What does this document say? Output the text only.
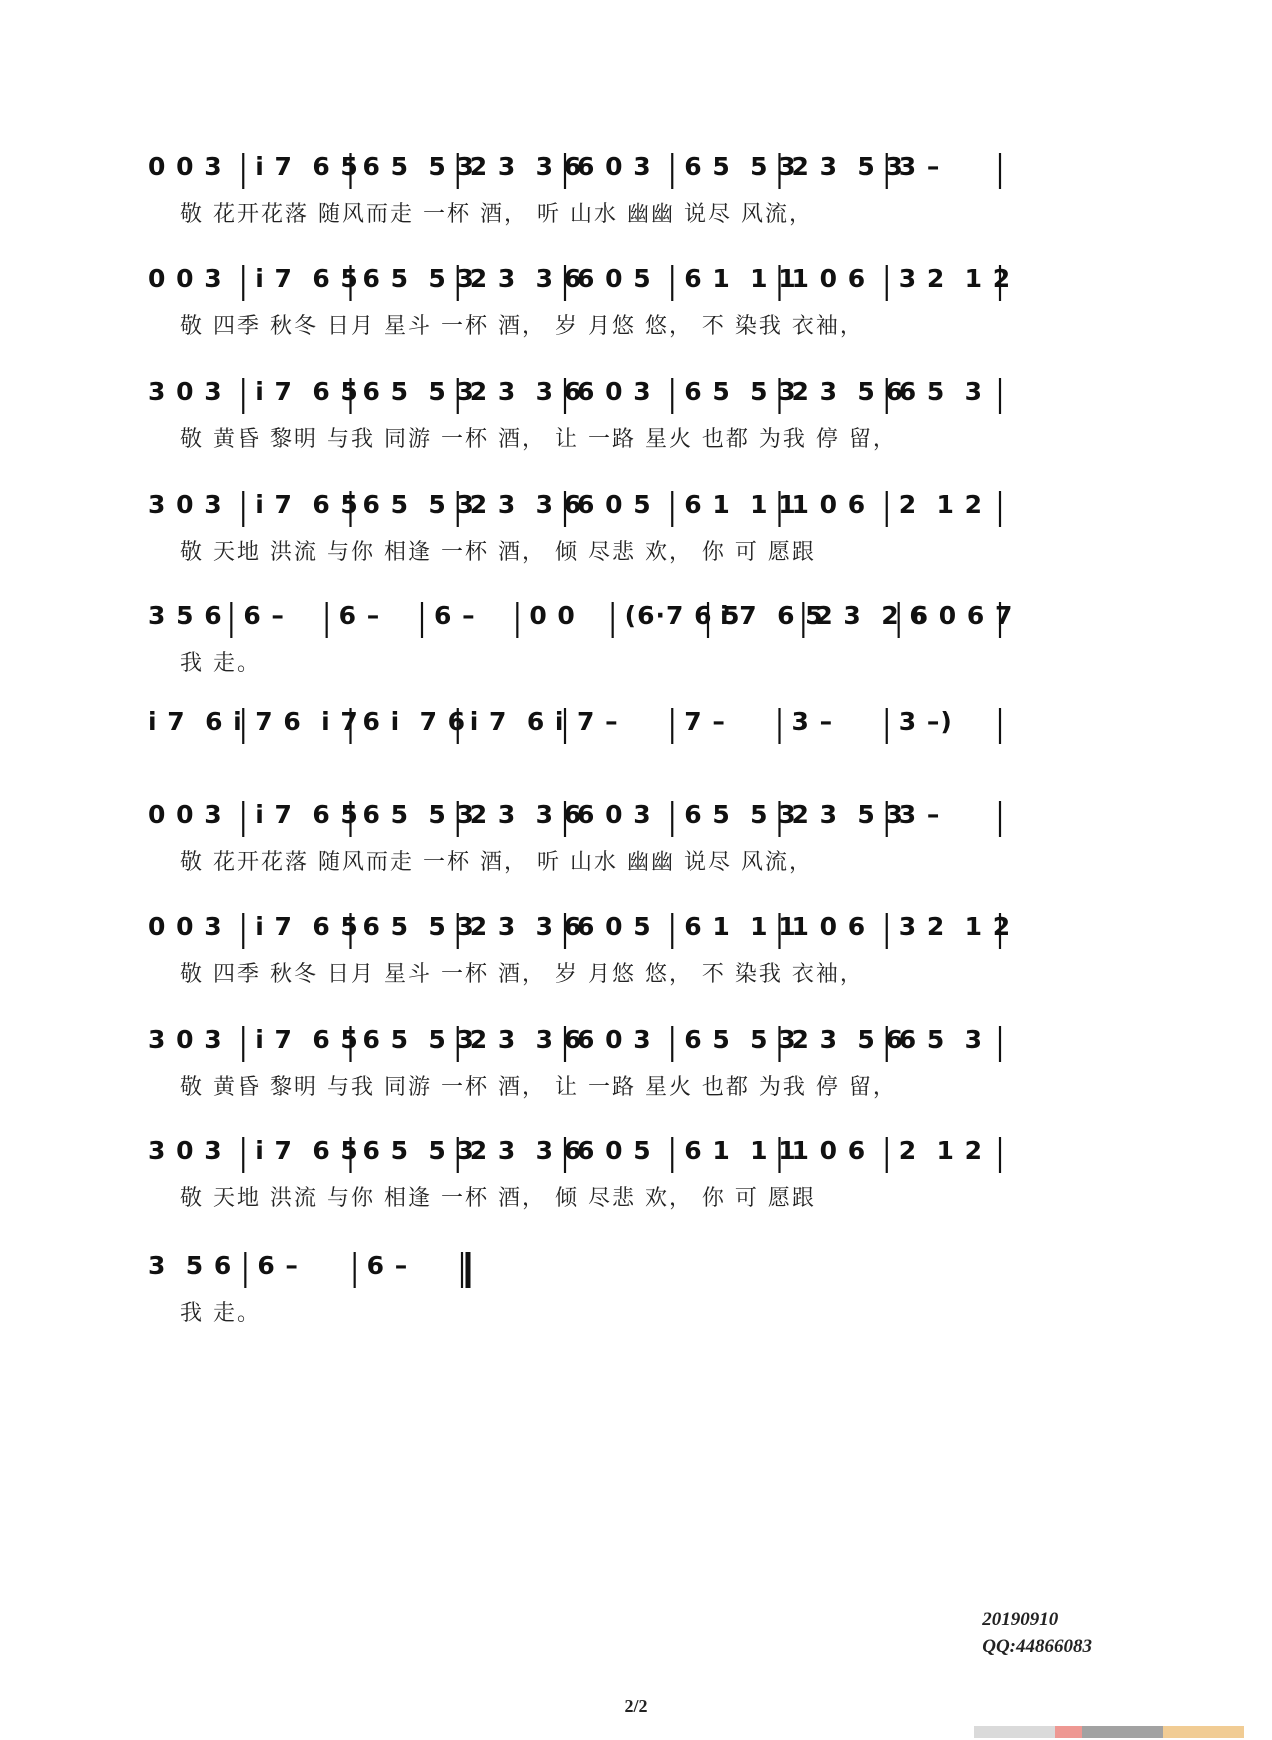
0 0 3 i 7  6 5 6 5  5 3
2 3  3 6
6 0 3 6 5  5 3
2 3  5 3
3 –
敬 花开花落 随风而走 一杯 酒， 听 山水 幽幽 说尽 风流，
0 0 3 i 7  6 5 6 5  5 3
2 3  3 6
6 0 5 6 1  1 1
1 0 6 3 2  1 2
敬 四季 秋冬 日月 星斗 一杯 酒， 岁 月悠 悠， 不 染我 衣袖，
3 0 3 i 7  6 5 6 5  5 3
2 3  3 6
6 0 3 6 5  5 3
2 3  5 6
6 5  3
敬 黄昏 黎明 与我 同游 一杯 酒， 让 一路 星火 也都 为我 停 留，
3 0 3 i 7  6 5 6 5  5 3
2 3  3 6
6 0 5 6 1  1 1
1 0 6 2  1 2
敬 天地 洪流 与你 相逢 一杯 酒， 倾 尽悲 欢， 你 可 愿跟
3 5 6 6 – 6 – 6 – 0 0 (6·7 6 5
i 7  6 5
2 3  2 6
6 0 6 7
我 走。
i 7  6 i 7 6  i 7 6 i  7 6 i 7  6 i 7 –	7 –	3 –	3 –)
0 0 3 i 7  6 5 6 5  5 3
2 3  3 6
6 0 3 6 5  5 3
2 3  5 3
3 –
敬 花开花落 随风而走 一杯 酒， 听 山水 幽幽 说尽 风流，
0 0 3 i 7  6 5 6 5  5 3
2 3  3 6
6 0 5 6 1  1 1
1 0 6 3 2  1 2
敬 四季 秋冬 日月 星斗 一杯 酒， 岁 月悠 悠， 不 染我 衣袖，
3 0 3 i 7  6 5 6 5  5 3
2 3  3 6
6 0 3 6 5  5 3
2 3  5 6
6 5  3
敬 黄昏 黎明 与我 同游 一杯 酒， 让 一路 星火 也都 为我 停 留，
3 0 3 i 7  6 5 6 5  5 3
2 3  3 6
6 0 5 6 1  1 1
1 0 6 2  1 2
敬 天地 洪流 与你 相逢 一杯 酒， 倾 尽悲 欢， 你 可 愿跟
3  5 6 6 –	6 –
我 走。
20190910
QQ:44866083
2/2
